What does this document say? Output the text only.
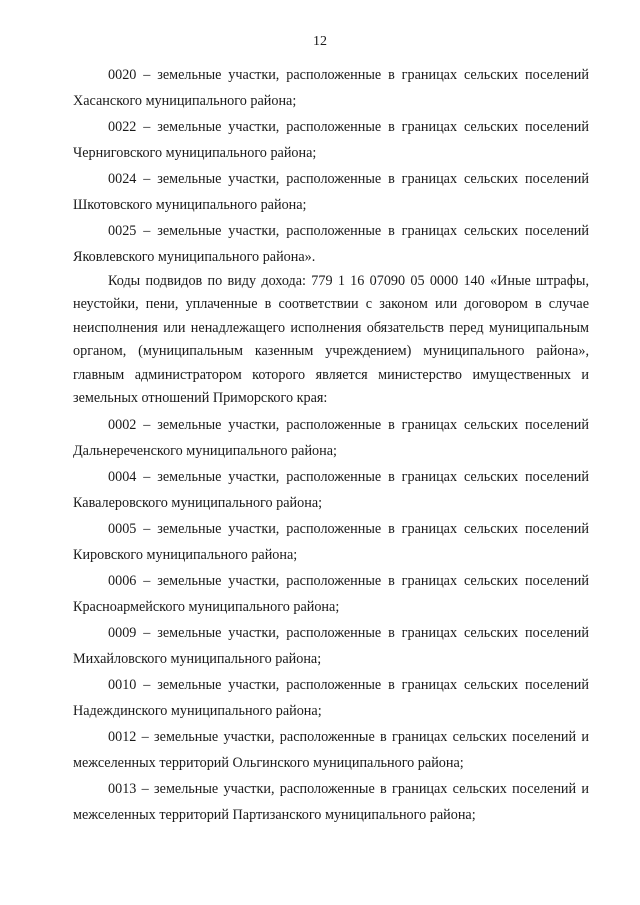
12

0020 – земельные участки, расположенные в границах сельских поселений Хасанского муниципального района;

0022 – земельные участки, расположенные в границах сельских поселений Черниговского муниципального района;

0024 – земельные участки, расположенные в границах сельских поселений Шкотовского муниципального района;

0025 – земельные участки, расположенные в границах сельских поселений Яковлевского муниципального района».

Коды подвидов по виду дохода: 779 1 16 07090 05 0000 140 «Иные штрафы, неустойки, пени, уплаченные в соответствии с законом или договором в случае неисполнения или ненадлежащего исполнения обязательств перед муниципальным органом, (муниципальным казенным учреждением) муниципального района», главным администратором которого является министерство имущественных и земельных отношений Приморского края:

0002 – земельные участки, расположенные в границах сельских поселений Дальнереченского муниципального района;

0004 – земельные участки, расположенные в границах сельских поселений Кавалеровского муниципального района;

0005 – земельные участки, расположенные в границах сельских поселений Кировского муниципального района;

0006 – земельные участки, расположенные в границах сельских поселений Красноармейского муниципального района;

0009 – земельные участки, расположенные в границах сельских поселений Михайловского муниципального района;

0010 – земельные участки, расположенные в границах сельских поселений Надеждинского муниципального района;

0012 – земельные участки, расположенные в границах сельских поселений и межселенных территорий Ольгинского муниципального района;

0013 – земельные участки, расположенные в границах сельских поселений и межселенных территорий Партизанского муниципального района;
